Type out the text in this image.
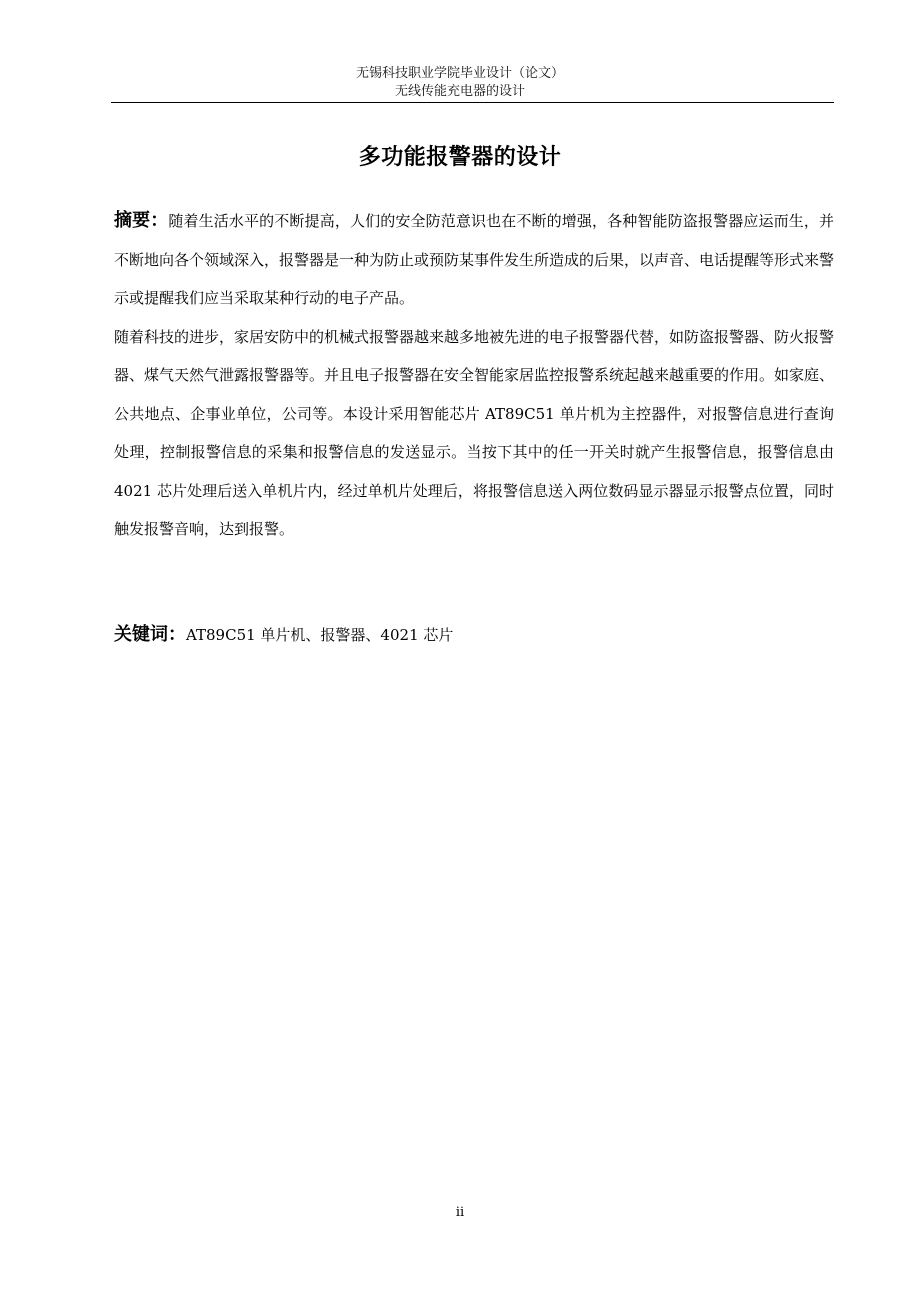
无锡科技职业学院毕业设计（论文）
无线传能充电器的设计
多功能报警器的设计

摘要：随着生活水平的不断提高，人们的安全防范意识也在不断的增强，各种智能防盗报警器应运而生，并不断地向各个领域深入，报警器是一种为防止或预防某事件发生所造成的后果，以声音、电话提醒等形式来警示或提醒我们应当采取某种行动的电子产品。

随着科技的进步，家居安防中的机械式报警器越来越多地被先进的电子报警器代替，如防盗报警器、防火报警器、煤气天然气泄露报警器等。并且电子报警器在安全智能家居监控报警系统起越来越重要的作用。如家庭、公共地点、企事业单位，公司等。本设计采用智能芯片 AT89C51 单片机为主控器件，对报警信息进行查询处理，控制报警信息的采集和报警信息的发送显示。当按下其中的任一开关时就产生报警信息，报警信息由 4021 芯片处理后送入单机片内，经过单机片处理后，将报警信息送入两位数码显示器显示报警点位置，同时触发报警音响，达到报警。

关键词：AT89C51 单片机、报警器、4021 芯片
ii
